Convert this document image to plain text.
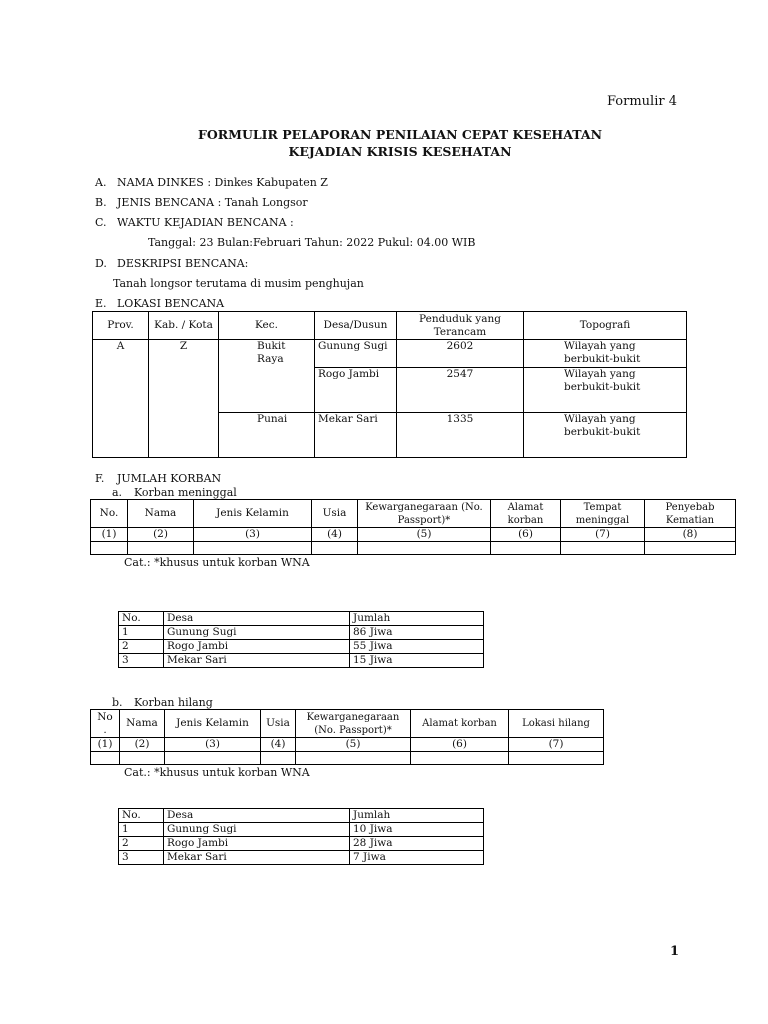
Formulir 4
FORMULIR PELAPORAN PENILAIAN CEPAT KESEHATAN
KEJADIAN KRISIS KESEHATAN
A. NAMA DINKES : Dinkes Kabupaten Z
B. JENIS BENCANA : Tanah Longsor
C. WAKTU KEJADIAN BENCANA :
Tanggal: 23 Bulan:Februari Tahun: 2022 Pukul: 04.00 WIB
D. DESKRIPSI BENCANA:
Tanah longsor terutama di musim penghujan
E. LOKASI BENCANA
Prov.	Kab. / Kota	Kec.	Desa/Dusun	Penduduk yang Terancam	Topografi
A	Z	Bukit Raya	Gunung Sugi	2602	Wilayah yang berbukit-bukit
			Rogo Jambi	2547	Wilayah yang berbukit-bukit
		Punai	Mekar Sari	1335	Wilayah yang berbukit-bukit
F. JUMLAH KORBAN
a. Korban meninggal
No.	Nama	Jenis Kelamin	Usia	Kewarganegaraan (No. Passport)*	Alamat korban	Tempat meninggal	Penyebab Kematian
(1)	(2)	(3)	(4)	(5)	(6)	(7)	(8)

Cat.: *khusus untuk korban WNA
No.	Desa	Jumlah
1	Gunung Sugi	86 Jiwa
2	Rogo Jambi	55 Jiwa
3	Mekar Sari	15 Jiwa
b. Korban hilang
No .	Nama	Jenis Kelamin	Usia	Kewarganegaraan (No. Passport)*	Alamat korban	Lokasi hilang
(1)	(2)	(3)	(4)	(5)	(6)	(7)

Cat.: *khusus untuk korban WNA
No.	Desa	Jumlah
1	Gunung Sugi	10 Jiwa
2	Rogo Jambi	28 Jiwa
3	Mekar Sari	7 Jiwa
1
